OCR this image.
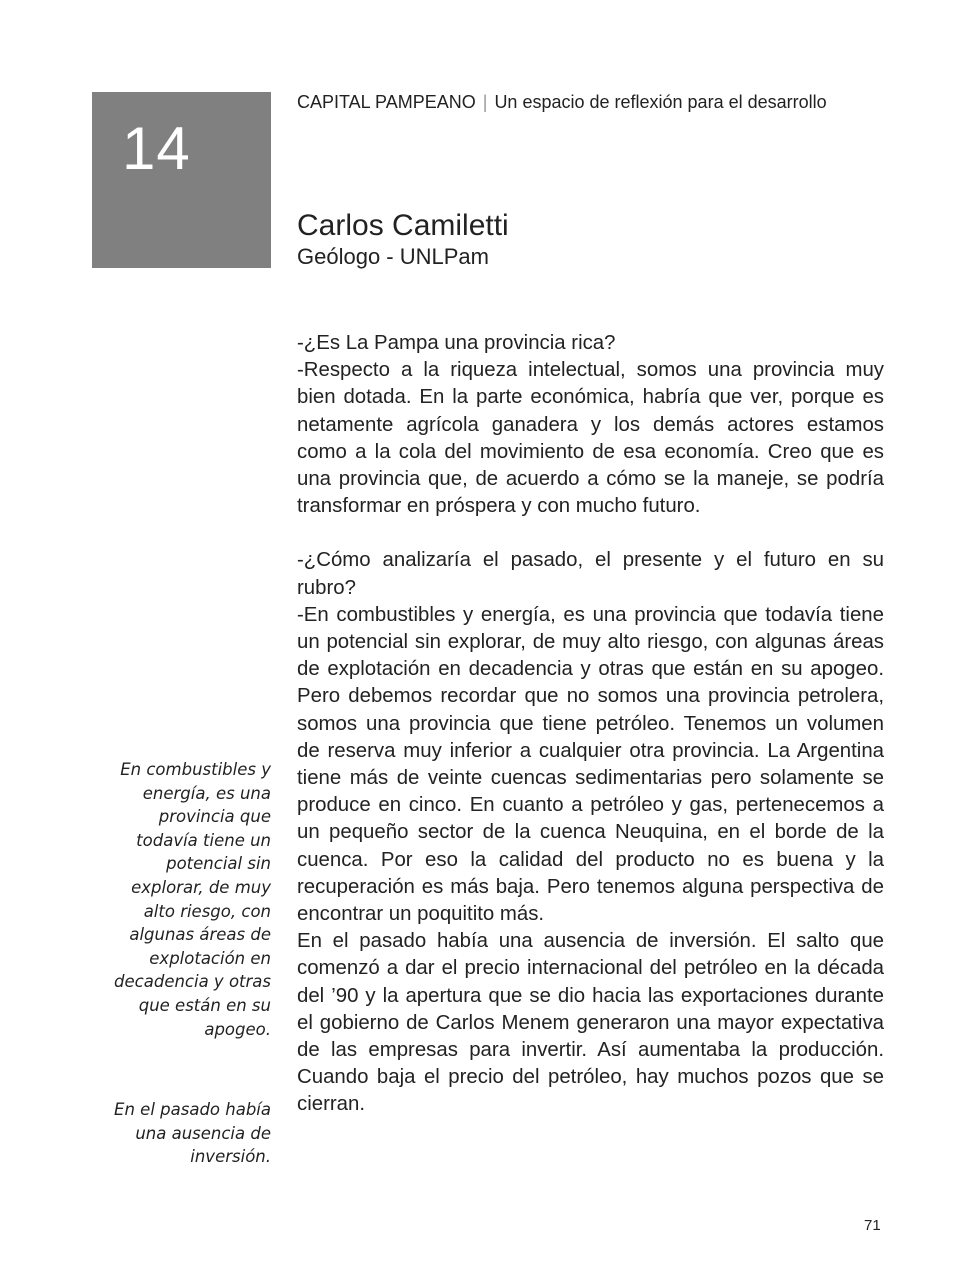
14
CAPITAL PAMPEANO | Un espacio de reflexión para el desarrollo
Carlos Camiletti
Geólogo - UNLPam

-¿Es La Pampa una provincia rica?

-Respecto a la riqueza intelectual, somos una provincia muy bien dotada. En la parte económica, habría que ver, porque es netamente agrícola ganadera y los demás actores estamos como a la cola del movimiento de esa economía. Creo que es una provincia que, de acuerdo a cómo se la maneje, se podría transformar en próspera y con mucho futuro.

-¿Cómo analizaría el pasado, el presente y el futuro en su rubro?

-En combustibles y energía, es una provincia que todavía tiene un potencial sin explorar, de muy alto riesgo, con algunas áreas de explotación en decadencia y otras que están en su apogeo. Pero debemos recordar que no somos una provincia petrolera, somos una provincia que tiene petróleo. Tenemos un volumen de reserva muy inferior a cualquier otra provincia. La Argentina tiene más de veinte cuencas sedimentarias pero solamente se produce en cinco. En cuanto a petróleo y gas, pertenecemos a un pequeño sector de la cuenca Neuquina, en el borde de la cuenca. Por eso la calidad del producto no es buena y la recuperación es más baja. Pero tenemos alguna perspectiva de encontrar un poquitito más.

En el pasado había una ausencia de inversión. El salto que comenzó a dar el precio internacional del petróleo en la década del ’90 y la apertura que se dio hacia las exportaciones durante el gobierno de Carlos Menem generaron una mayor expectativa de las empresas para invertir. Así aumentaba la producción. Cuando baja el precio del petróleo, hay muchos pozos que se cierran.

En combustibles y energía, es una provincia que todavía tiene un potencial sin explorar, de muy alto riesgo, con algunas áreas de explotación en decadencia y otras que están en su apogeo.
En el pasado había una ausencia de inversión.
71
